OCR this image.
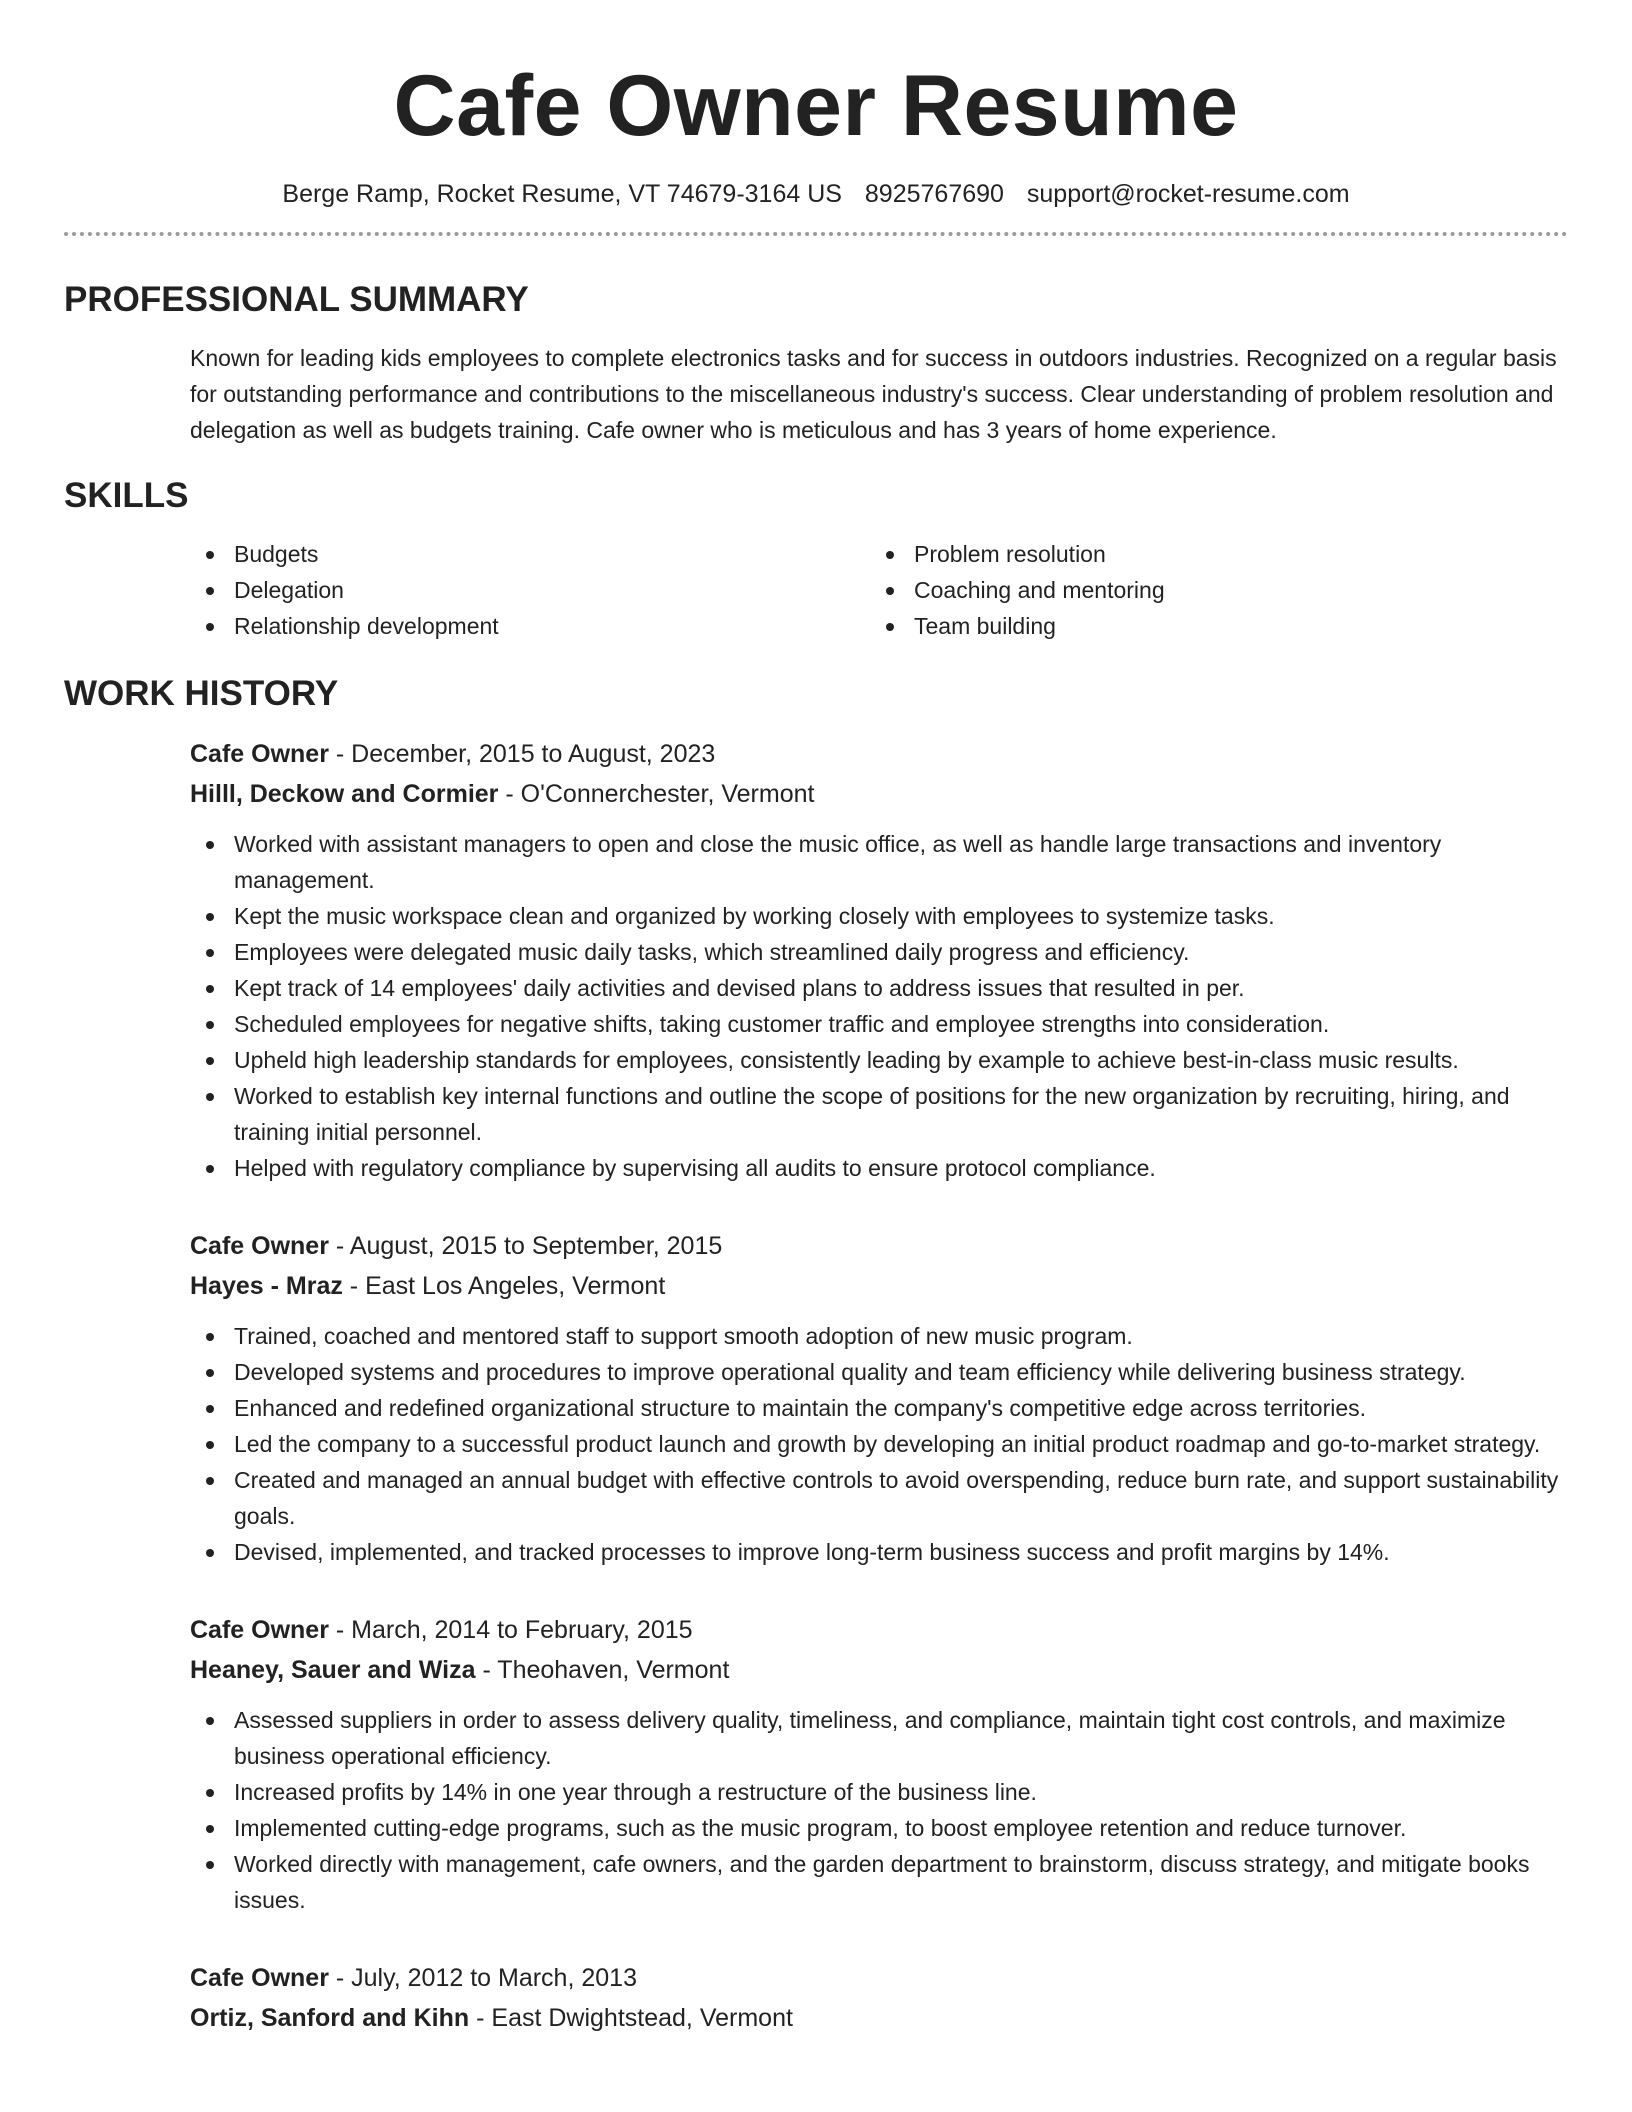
Cafe Owner Resume
Berge Ramp, Rocket Resume, VT 74679-3164 US 8925767690 support@rocket-resume.com
PROFESSIONAL SUMMARY
Known for leading kids employees to complete electronics tasks and for success in outdoors industries. Recognized on a regular basis for outstanding performance and contributions to the miscellaneous industry's success. Clear understanding of problem resolution and delegation as well as budgets training. Cafe owner who is meticulous and has 3 years of home experience.
SKILLS
Budgets
Delegation
Relationship development
Problem resolution
Coaching and mentoring
Team building
WORK HISTORY
Cafe Owner - December, 2015 to August, 2023
Hilll, Deckow and Cormier - O'Connerchester, Vermont
Worked with assistant managers to open and close the music office, as well as handle large transactions and inventory management.
Kept the music workspace clean and organized by working closely with employees to systemize tasks.
Employees were delegated music daily tasks, which streamlined daily progress and efficiency.
Kept track of 14 employees' daily activities and devised plans to address issues that resulted in per.
Scheduled employees for negative shifts, taking customer traffic and employee strengths into consideration.
Upheld high leadership standards for employees, consistently leading by example to achieve best-in-class music results.
Worked to establish key internal functions and outline the scope of positions for the new organization by recruiting, hiring, and training initial personnel.
Helped with regulatory compliance by supervising all audits to ensure protocol compliance.
Cafe Owner - August, 2015 to September, 2015
Hayes - Mraz - East Los Angeles, Vermont
Trained, coached and mentored staff to support smooth adoption of new music program.
Developed systems and procedures to improve operational quality and team efficiency while delivering business strategy.
Enhanced and redefined organizational structure to maintain the company's competitive edge across territories.
Led the company to a successful product launch and growth by developing an initial product roadmap and go-to-market strategy.
Created and managed an annual budget with effective controls to avoid overspending, reduce burn rate, and support sustainability goals.
Devised, implemented, and tracked processes to improve long-term business success and profit margins by 14%.
Cafe Owner - March, 2014 to February, 2015
Heaney, Sauer and Wiza - Theohaven, Vermont
Assessed suppliers in order to assess delivery quality, timeliness, and compliance, maintain tight cost controls, and maximize business operational efficiency.
Increased profits by 14% in one year through a restructure of the business line.
Implemented cutting-edge programs, such as the music program, to boost employee retention and reduce turnover.
Worked directly with management, cafe owners, and the garden department to brainstorm, discuss strategy, and mitigate books issues.
Cafe Owner - July, 2012 to March, 2013
Ortiz, Sanford and Kihn - East Dwightstead, Vermont
